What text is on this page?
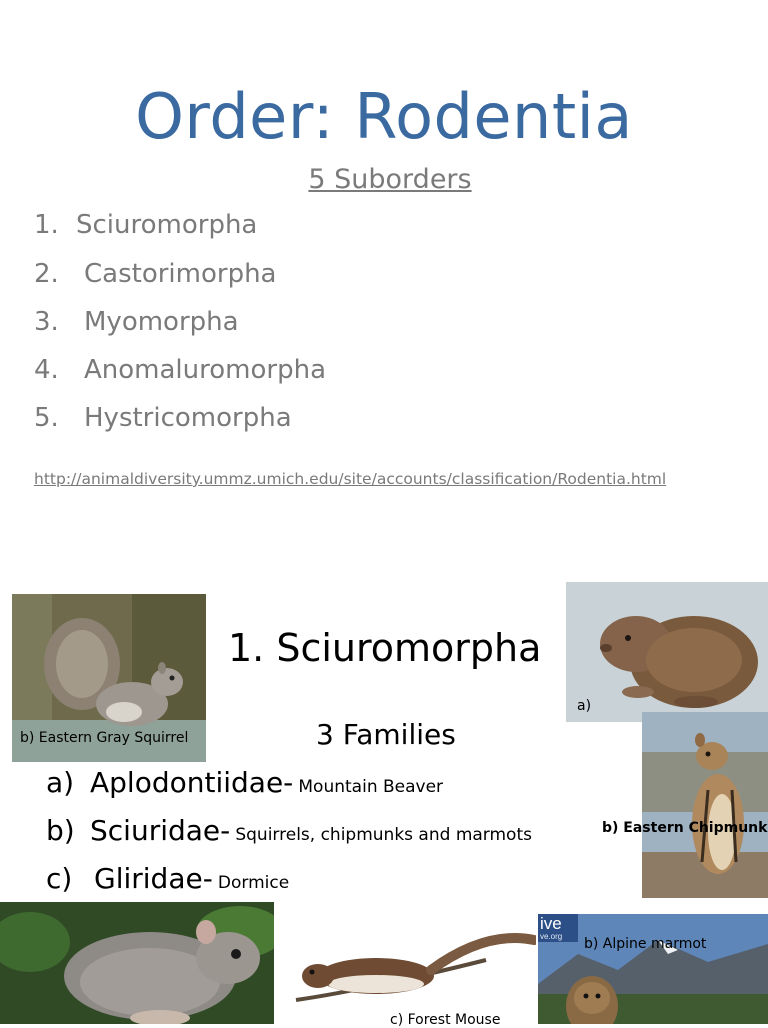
Order: Rodentia
5 Suborders
1. Sciuromorpha
2. Castorimorpha
3. Myomorpha
4. Anomaluromorpha
5. Hystricomorpha
http://animaldiversity.ummz.umich.edu/site/accounts/classification/Rodentia.html
b) Eastern Gray Squirrel
a)
b) Eastern Chipmunk
1. Sciuromorpha
3 Families
a) Aplodontiidae- Mountain Beaver
b) Sciuridae- Squirrels, chipmunks and marmots
c) Gliridae- Dormice
c) Forest Mouse
ive
ve.org b) Alpine marmot
